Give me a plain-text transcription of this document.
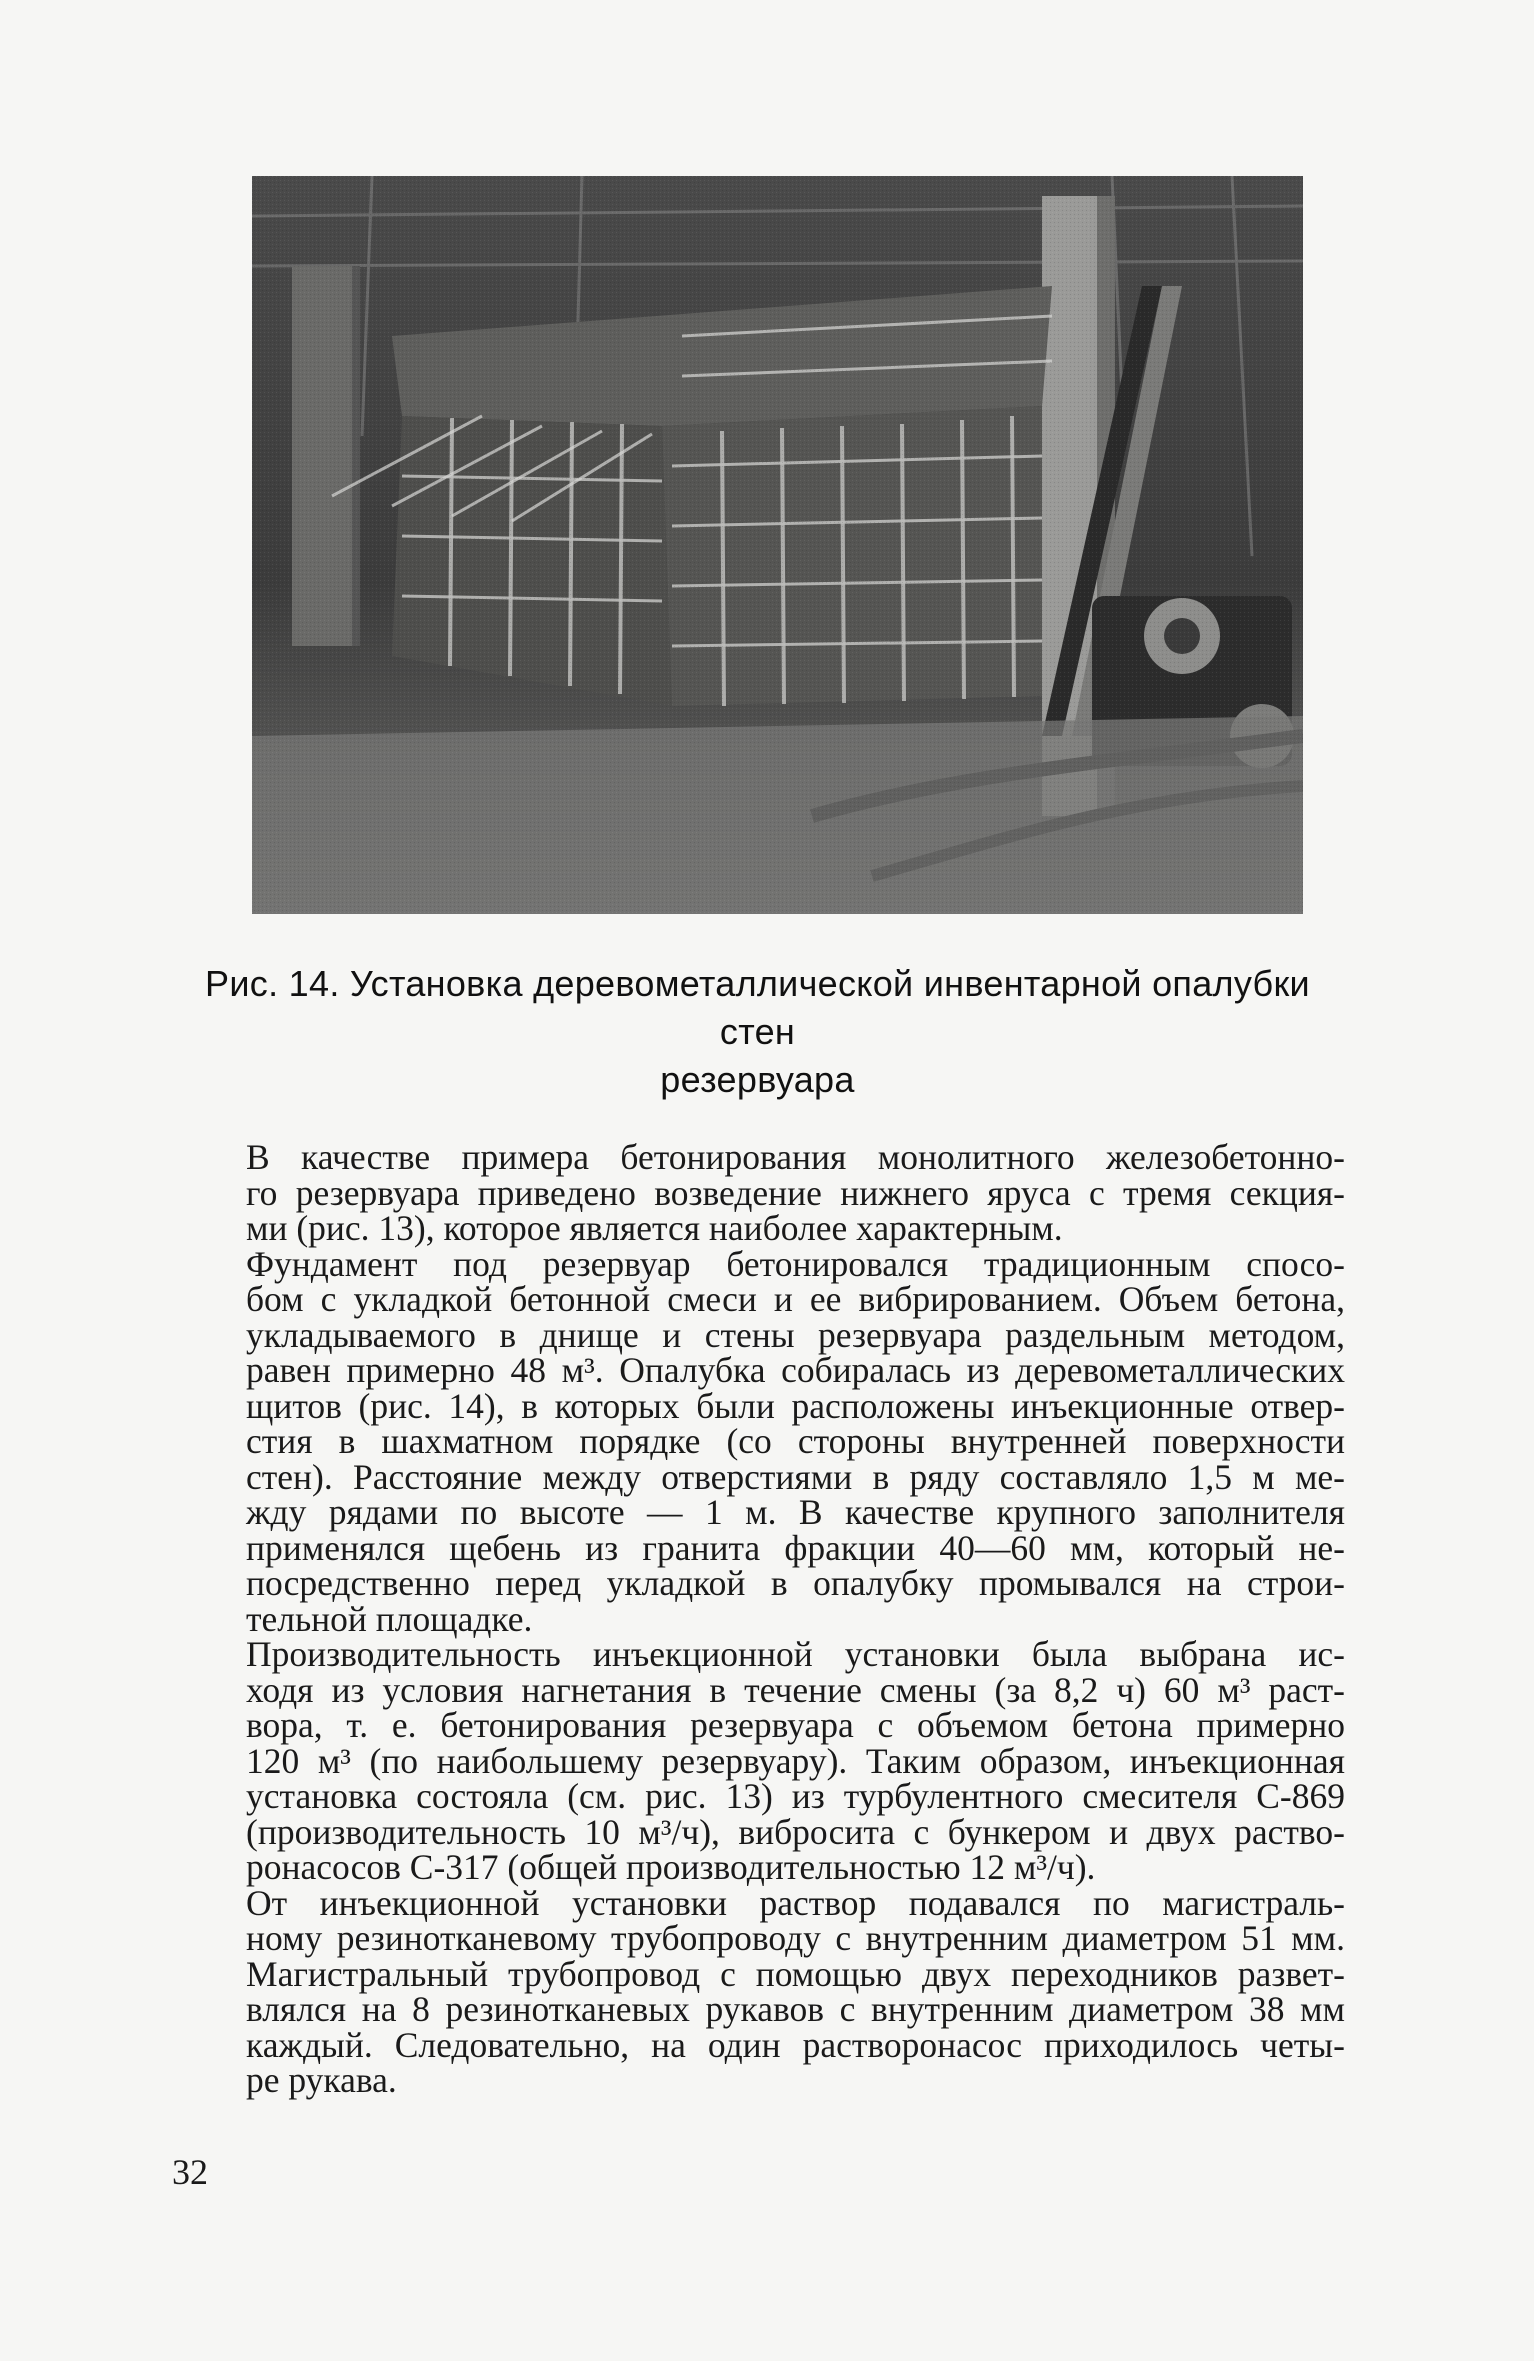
Рис. 14. Установка деревометаллической инвентарной опалубки стен
резервуара

В качестве примера бетонирования монолитного железобетонно-
го резервуара приведено возведение нижнего яруса с тремя секция-
ми (рис. 13), которое является наиболее характерным.

Фундамент под резервуар бетонировался традиционным спосо-
бом с укладкой бетонной смеси и ее вибрированием. Объем бетона,
укладываемого в днище и стены резервуара раздельным методом,
равен примерно 48 м³. Опалубка собиралась из деревометаллических
щитов (рис. 14), в которых были расположены инъекционные отвер-
стия в шахматном порядке (со стороны внутренней поверхности
стен). Расстояние между отверстиями в ряду составляло 1,5 м ме-
жду рядами по высоте — 1 м. В качестве крупного заполнителя
применялся щебень из гранита фракции 40—60 мм, который не-
посредственно перед укладкой в опалубку промывался на строи-
тельной площадке.

Производительность инъекционной установки была выбрана ис-
ходя из условия нагнетания в течение смены (за 8,2 ч) 60 м³ раст-
вора, т. е. бетонирования резервуара с объемом бетона примерно
120 м³ (по наибольшему резервуару). Таким образом, инъекционная
установка состояла (см. рис. 13) из турбулентного смесителя С-869
(производительность 10 м³/ч), вибросита с бункером и двух раство-
ронасосов С-317 (общей производительностью 12 м³/ч).

От инъекционной установки раствор подавался по магистраль-
ному резинотканевому трубопроводу с внутренним диаметром 51 мм.
Магистральный трубопровод с помощью двух переходников развет-
влялся на 8 резинотканевых рукавов с внутренним диаметром 38 мм
каждый. Следовательно, на один растворонасос приходилось четы-
ре рукава.

32
